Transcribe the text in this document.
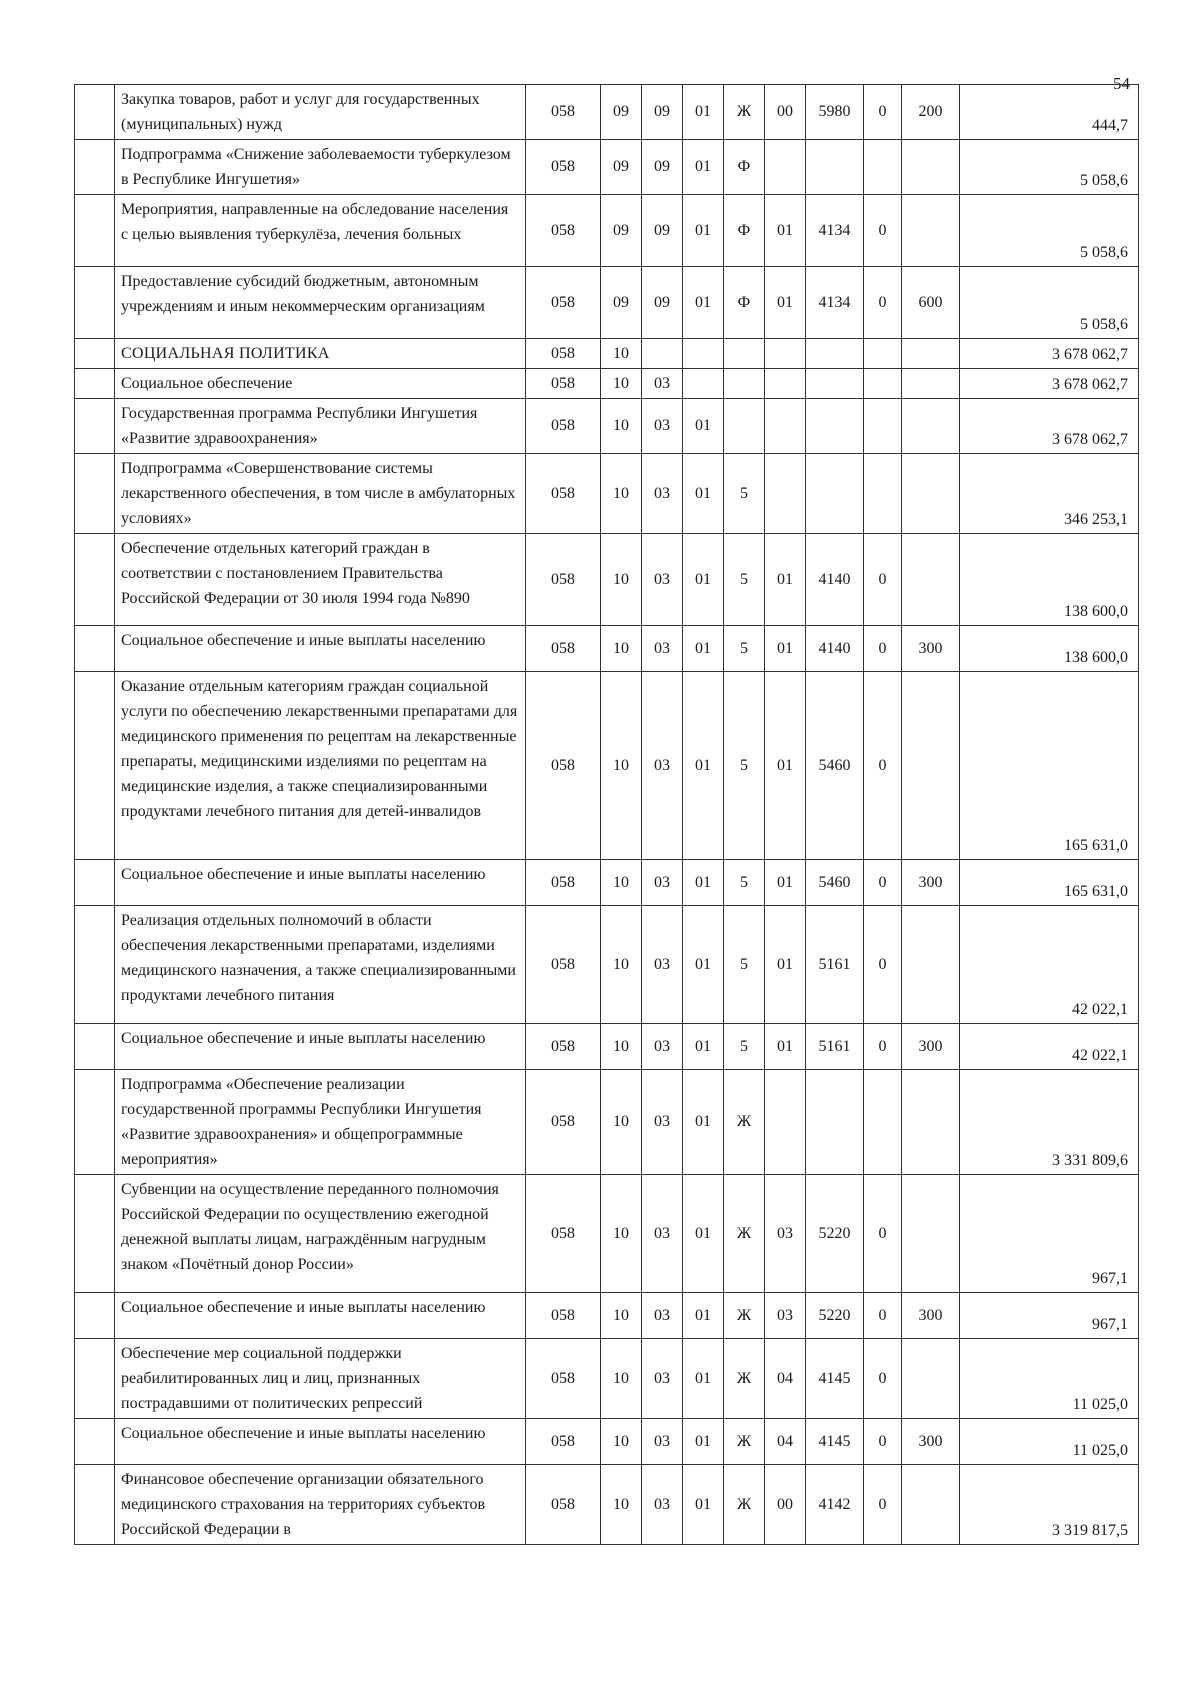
54
	Закупка товаров, работ и услуг для государственных (муниципальных) нужд	058	09	09	01	Ж	00	5980	0	200	444,7
	Подпрограмма «Снижение заболеваемости туберкулезом в Республике Ингушетия»	058	09	09	01	Ф					5 058,6
	Мероприятия, направленные на обследование населения с целью выявления туберкулёза, лечения больных	058	09	09	01	Ф	01	4134	0		5 058,6
	Предоставление субсидий бюджетным, автономным учреждениям и иным некоммерческим организациям	058	09	09	01	Ф	01	4134	0	600	5 058,6
	СОЦИАЛЬНАЯ ПОЛИТИКА	058	10								3 678 062,7
	Социальное обеспечение	058	10	03							3 678 062,7
	Государственная программа Республики Ингушетия «Развитие здравоохранения»	058	10	03	01						3 678 062,7
	Подпрограмма «Совершенствование системы лекарственного обеспечения, в том числе в амбулаторных условиях»	058	10	03	01	5					346 253,1
	Обеспечение отдельных категорий граждан в соответствии с постановлением Правительства Российской Федерации от 30 июля 1994 года №890	058	10	03	01	5	01	4140	0		138 600,0
	Социальное обеспечение и иные выплаты населению	058	10	03	01	5	01	4140	0	300	138 600,0
	Оказание отдельным категориям граждан социальной услуги по обеспечению лекарственными препаратами для медицинского применения по рецептам на лекарственные препараты, медицинскими изделиями по рецептам на медицинские изделия, а также специализированными продуктами лечебного питания для детей-инвалидов	058	10	03	01	5	01	5460	0		165 631,0
	Социальное обеспечение и иные выплаты населению	058	10	03	01	5	01	5460	0	300	165 631,0
	Реализация отдельных полномочий в области обеспечения лекарственными препаратами, изделиями медицинского назначения, а также специализированными продуктами лечебного питания	058	10	03	01	5	01	5161	0		42 022,1
	Социальное обеспечение и иные выплаты населению	058	10	03	01	5	01	5161	0	300	42 022,1
	Подпрограмма «Обеспечение реализации государственной программы Республики Ингушетия «Развитие здравоохранения» и общепрограммные мероприятия»	058	10	03	01	Ж					3 331 809,6
	Субвенции на осуществление переданного полномочия Российской Федерации по осуществлению ежегодной денежной выплаты лицам, награждённым нагрудным знаком «Почётный донор России»	058	10	03	01	Ж	03	5220	0		967,1
	Социальное обеспечение и иные выплаты населению	058	10	03	01	Ж	03	5220	0	300	967,1
	Обеспечение мер социальной поддержки реабилитированных лиц и лиц, признанных пострадавшими от политических репрессий	058	10	03	01	Ж	04	4145	0		11 025,0
	Социальное обеспечение и иные выплаты населению	058	10	03	01	Ж	04	4145	0	300	11 025,0
	Финансовое обеспечение организации обязательного медицинского страхования на территориях субъектов Российской Федерации в	058	10	03	01	Ж	00	4142	0		3 319 817,5
